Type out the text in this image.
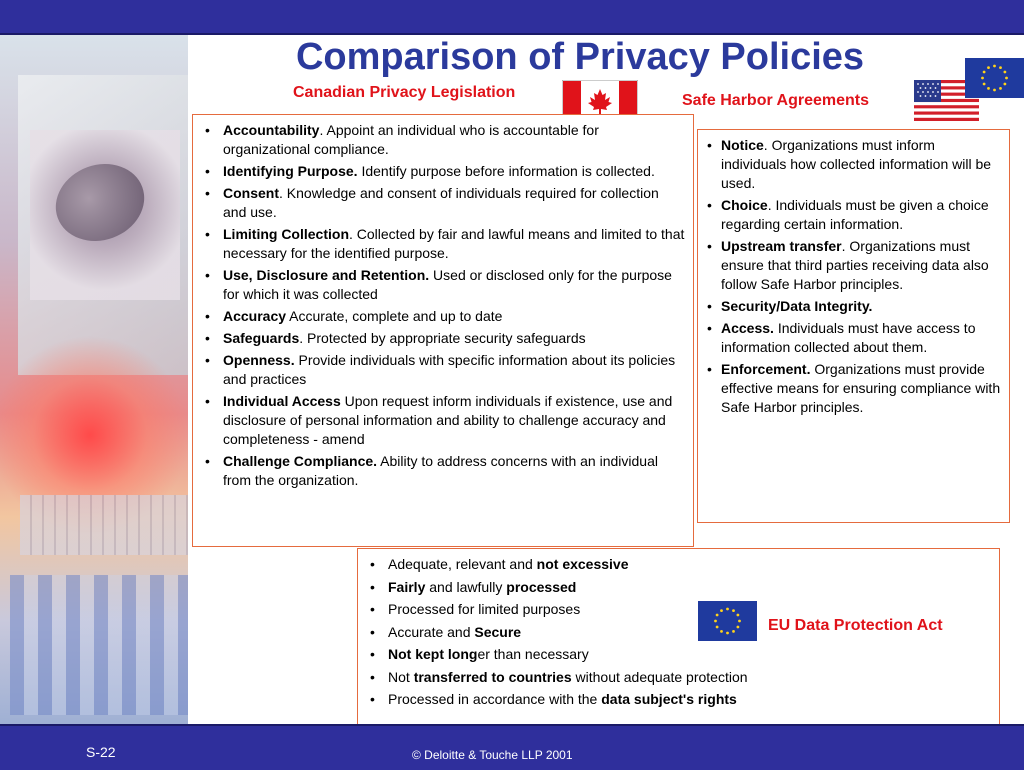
Comparison of Privacy Policies
Canadian Privacy Legislation
• Accountability. Appoint an individual who is accountable for organizational compliance.
• Identifying Purpose. Identify purpose before information is collected.
• Consent. Knowledge and consent of individuals required for collection and use.
• Limiting Collection. Collected by fair and lawful means and limited to that necessary for the identified purpose.
• Use, Disclosure and Retention. Used or disclosed only for the purpose for which it was collected
• Accuracy Accurate, complete and up to date
• Safeguards. Protected by appropriate security safeguards
• Openness. Provide individuals with specific information about its policies and practices
• Individual Access Upon request inform individuals if existence, use and disclosure of personal information and ability to challenge accuracy and completeness - amend
• Challenge Compliance. Ability to address concerns with an individual from the organization.
Safe Harbor Agreements
• Notice. Organizations must inform individuals how collected information will be used.
• Choice. Individuals must be given a choice regarding certain information.
• Upstream transfer. Organizations must ensure that third parties receiving data also follow Safe Harbor principles.
• Security/Data Integrity.
• Access. Individuals must have access to information collected about them.
• Enforcement. Organizations must provide effective means for ensuring compliance with Safe Harbor principles.
• Adequate, relevant and not excessive
• Fairly and lawfully processed
• Processed for limited purposes
• Accurate and Secure
• Not kept longer than necessary
• Not transferred to countries without adequate protection
• Processed in accordance with the data subject's rights
EU Data Protection Act
S-22	© Deloitte & Touche LLP 2001
